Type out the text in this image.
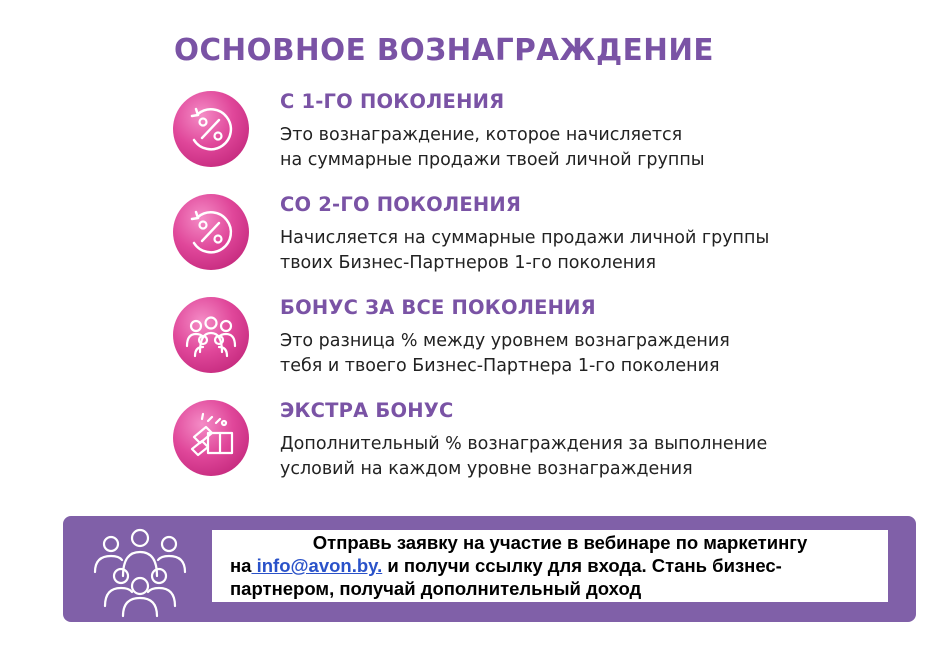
ОСНОВНОЕ ВОЗНАГРАЖДЕНИЕ
С 1-ГО ПОКОЛЕНИЯ
Это вознаграждение, которое начисляется
на суммарные продажи твоей личной группы
СО 2-ГО ПОКОЛЕНИЯ
Начисляется на суммарные продажи личной группы
твоих Бизнес-Партнеров 1-го поколения
БОНУС ЗА ВСЕ ПОКОЛЕНИЯ
Это разница % между уровнем вознаграждения
тебя и твоего Бизнес-Партнера 1-го поколения
ЭКСТРА БОНУС
Дополнительный % вознаграждения за выполнение
условий на каждом уровне вознаграждения
Отправь заявку на участие в вебинаре по маркетингу
на info@avon.by. и получи ссылку для входа. Стань бизнес-
партнером, получай дополнительный доход
